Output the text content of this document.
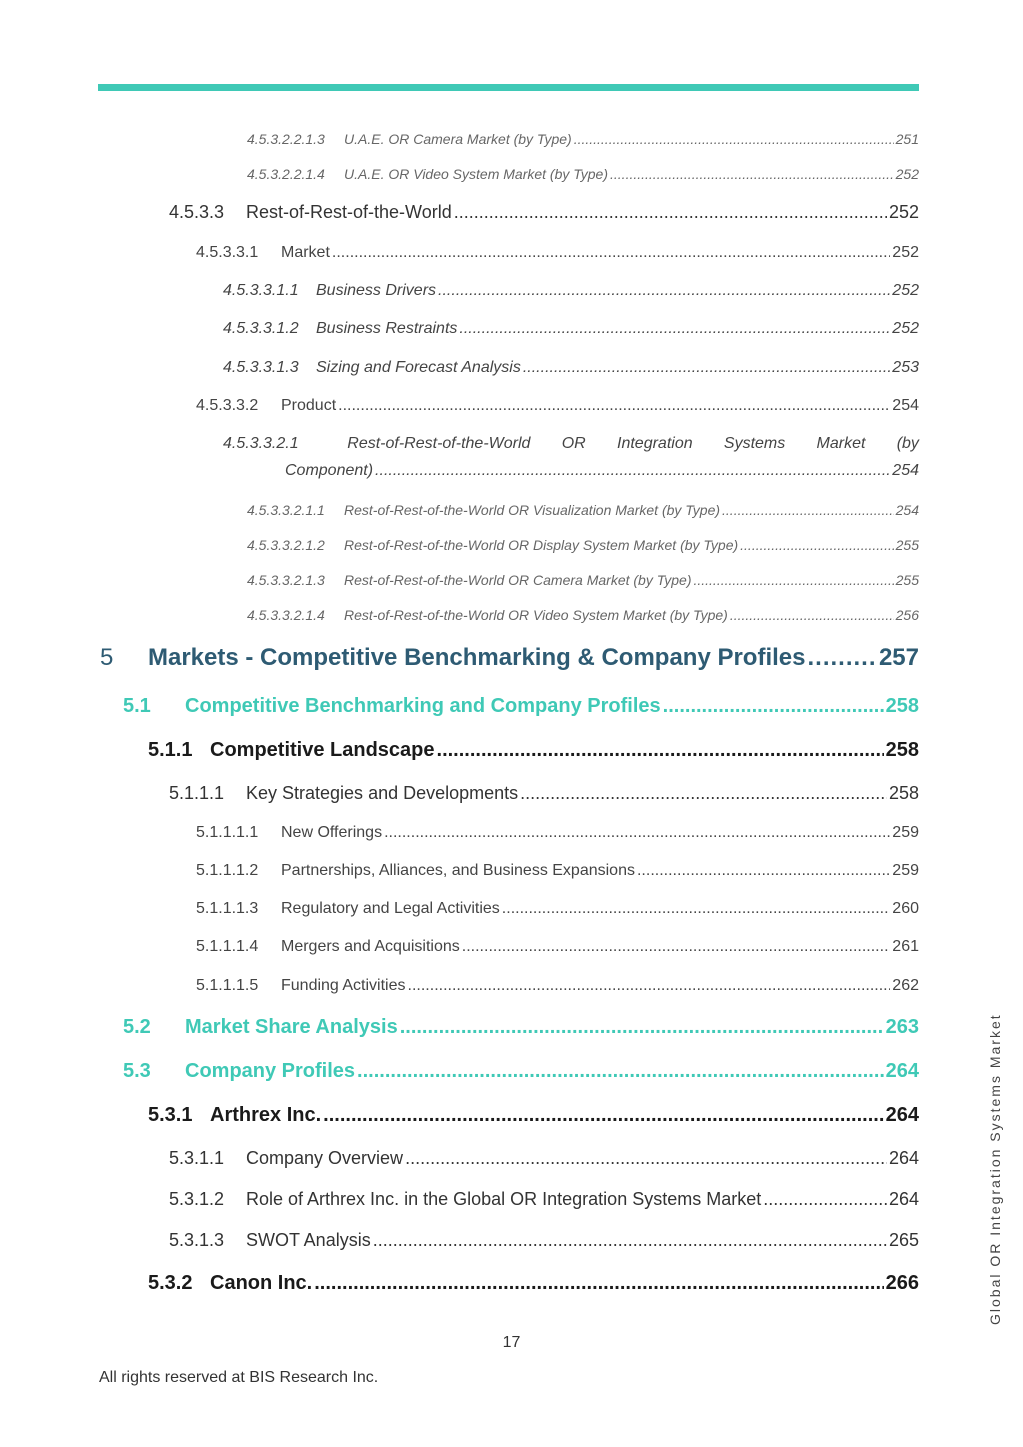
4.5.3.2.2.1.3	U.A.E. OR Camera Market (by Type) .....	251
4.5.3.2.2.1.4	U.A.E. OR Video System Market (by Type) .....	252
4.5.3.3	Rest-of-Rest-of-the-World .....	252
4.5.3.3.1	Market .....	252
4.5.3.3.1.1	Business Drivers .....	252
4.5.3.3.1.2	Business Restraints .....	252
4.5.3.3.1.3	Sizing and Forecast Analysis .....	253
4.5.3.3.2	Product .....	254
4.5.3.3.2.1	Rest-of-Rest-of-the-World OR Integration Systems Market (by
Component) .....	254
4.5.3.3.2.1.1	Rest-of-Rest-of-the-World OR Visualization Market (by Type) .....	254
4.5.3.3.2.1.2	Rest-of-Rest-of-the-World OR Display System Market (by Type) .....	255
4.5.3.3.2.1.3	Rest-of-Rest-of-the-World OR Camera Market (by Type) .....	255
4.5.3.3.2.1.4	Rest-of-Rest-of-the-World OR Video System Market (by Type) .....	256
5	Markets - Competitive Benchmarking & Company Profiles .....	257
5.1	Competitive Benchmarking and Company Profiles .....	258
5.1.1 Competitive Landscape .....	258
5.1.1.1	Key Strategies and Developments .....	258
5.1.1.1.1	New Offerings .....	259
5.1.1.1.2	Partnerships, Alliances, and Business Expansions .....	259
5.1.1.1.3	Regulatory and Legal Activities .....	260
5.1.1.1.4	Mergers and Acquisitions .....	261
5.1.1.1.5	Funding Activities .....	262
5.2	Market Share Analysis .....	263
5.3	Company Profiles .....	264
5.3.1 Arthrex Inc. .....	264
5.3.1.1	Company Overview .....	264
5.3.1.2	Role of Arthrex Inc. in the Global OR Integration Systems Market .....	264
5.3.1.3	SWOT Analysis .....	265
5.3.2 Canon Inc. .....	266
17
All rights reserved at BIS Research Inc.
Global OR Integration Systems Market
